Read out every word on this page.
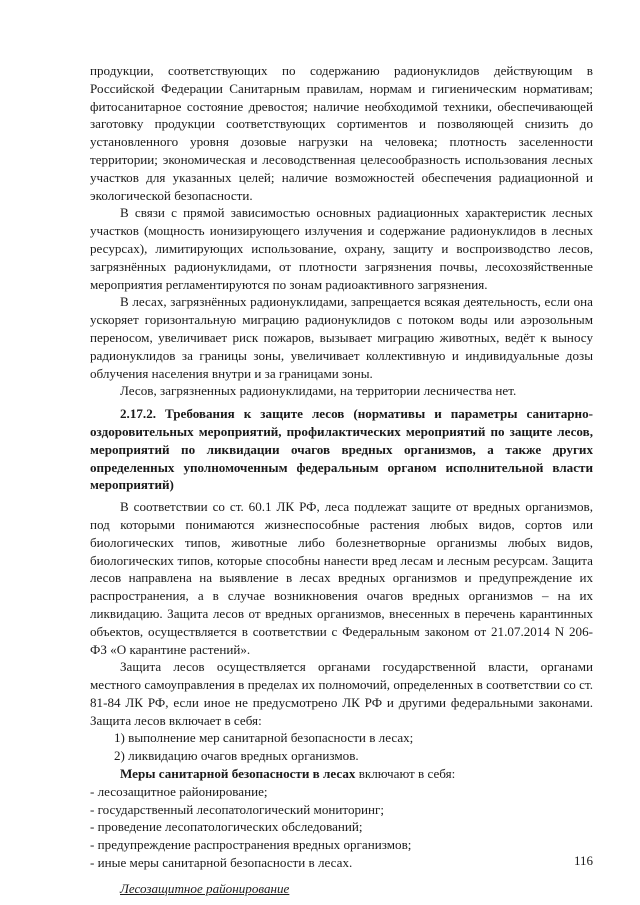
продукции, соответствующих по содержанию радионуклидов действующим в Российской Федерации Санитарным правилам, нормам и гигиеническим нормативам; фитосанитарное состояние древостоя; наличие необходимой техники, обеспечивающей заготовку продукции соответствующих сортиментов и позволяющей снизить до установленного уровня дозовые нагрузки на человека; плотность заселенности территории; экономическая и лесоводственная целесообразность использования лесных участков для указанных целей; наличие возможностей обеспечения радиационной и экологической безопасности.

В связи с прямой зависимостью основных радиационных характеристик лесных участков (мощность ионизирующего излучения и содержание радионуклидов в лесных ресурсах), лимитирующих использование, охрану, защиту и воспроизводство лесов, загрязнённых радионуклидами, от плотности загрязнения почвы, лесохозяйственные мероприятия регламентируются по зонам радиоактивного загрязнения.

В лесах, загрязнённых радионуклидами, запрещается всякая деятельность, если она ускоряет горизонтальную миграцию радионуклидов с потоком воды или аэрозольным переносом, увеличивает риск пожаров, вызывает миграцию животных, ведёт к выносу радионуклидов за границы зоны, увеличивает коллективную и индивидуальные дозы облучения населения внутри и за границами зоны.

Лесов, загрязненных радионуклидами, на территории лесничества нет.

2.17.2. Требования к защите лесов (нормативы и параметры санитарно-оздоровительных мероприятий, профилактических мероприятий по защите лесов, мероприятий по ликвидации очагов вредных организмов, а также других определенных уполномоченным федеральным органом исполнительной власти мероприятий)

В соответствии со ст. 60.1 ЛК РФ, леса подлежат защите от вредных организмов, под которыми понимаются жизнеспособные растения любых видов, сортов или биологических типов, животные либо болезнетворные организмы любых видов, биологических типов, которые способны нанести вред лесам и лесным ресурсам. Защита лесов направлена на выявление в лесах вредных организмов и предупреждение их распространения, а в случае возникновения очагов вредных организмов – на их ликвидацию. Защита лесов от вредных организмов, внесенных в перечень карантинных объектов, осуществляется в соответствии с Федеральным законом от 21.07.2014 N 206-ФЗ «О карантине растений».

Защита лесов осуществляется органами государственной власти, органами местного самоуправления в пределах их полномочий, определенных в соответствии со ст. 81-84 ЛК РФ, если иное не предусмотрено ЛК РФ и другими федеральными законами. Защита лесов включает в себя:

1) выполнение мер санитарной безопасности в лесах;

2) ликвидацию очагов вредных организмов.

Меры санитарной безопасности в лесах включают в себя:

- лесозащитное районирование;

- государственный лесопатологический мониторинг;

- проведение лесопатологических обследований;

- предупреждение распространения вредных организмов;

- иные меры санитарной безопасности в лесах.

Лесозащитное районирование

116
